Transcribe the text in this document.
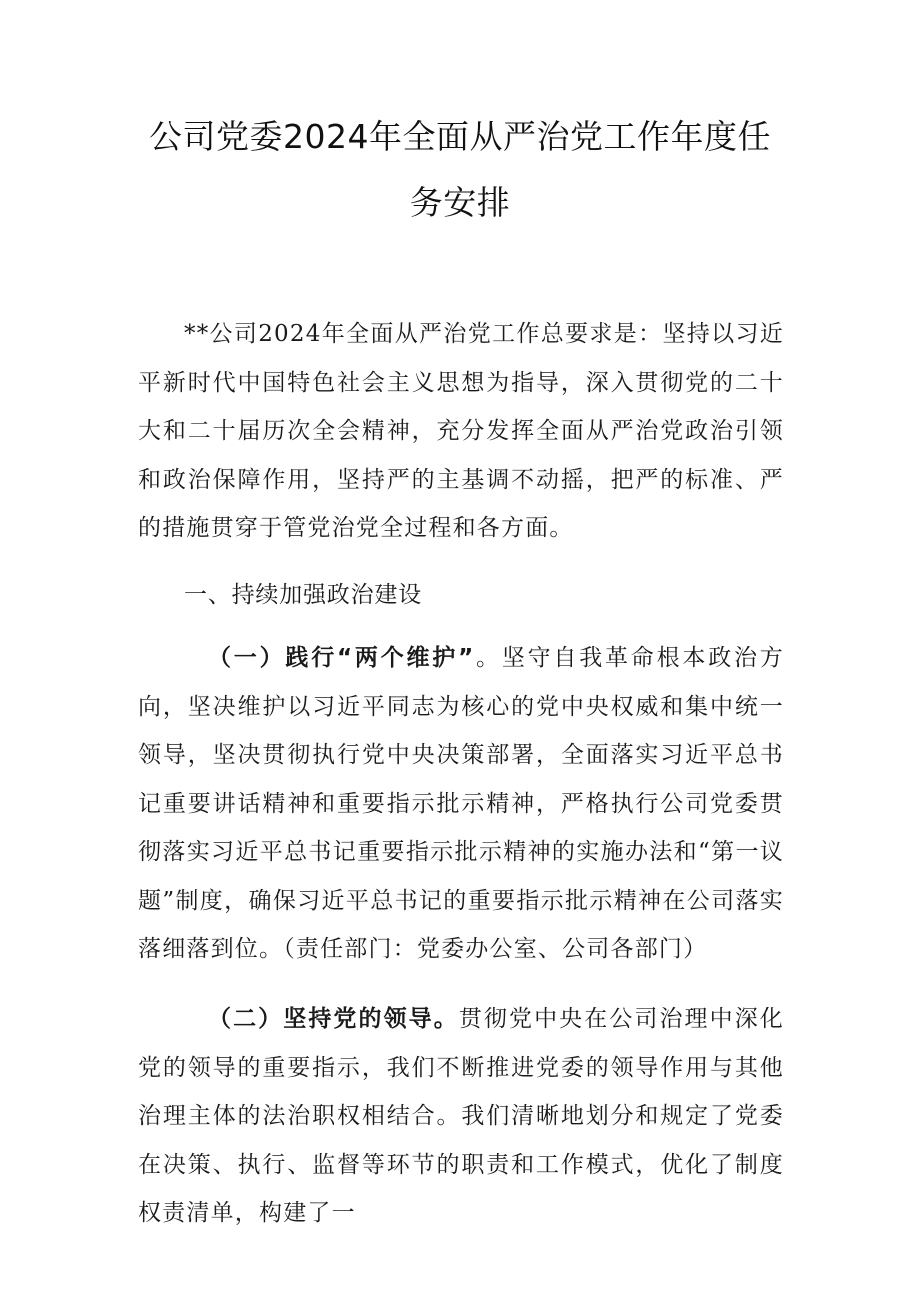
公司党委2024年全面从严治党工作年度任
务安排
**公司2024年全面从严治党工作总要求是：坚持以习近平新时代中国特色社会主义思想为指导，深入贯彻党的二十大和二十届历次全会精神，充分发挥全面从严治党政治引领和政治保障作用，坚持严的主基调不动摇，把严的标准、严的措施贯穿于管党治党全过程和各方面。
一、持续加强政治建设
（一）践行“两个维护”。坚守自我革命根本政治方向，坚决维护以习近平同志为核心的党中央权威和集中统一领导，坚决贯彻执行党中央决策部署，全面落实习近平总书记重要讲话精神和重要指示批示精神，严格执行公司党委贯彻落实习近平总书记重要指示批示精神的实施办法和“第一议题”制度，确保习近平总书记的重要指示批示精神在公司落实落细落到位。（责任部门：党委办公室、公司各部门）
（二）坚持党的领导。贯彻党中央在公司治理中深化党的领导的重要指示，我们不断推进党委的领导作用与其他治理主体的法治职权相结合。我们清晰地划分和规定了党委在决策、执行、监督等环节的职责和工作模式，优化了制度权责清单，构建了一
